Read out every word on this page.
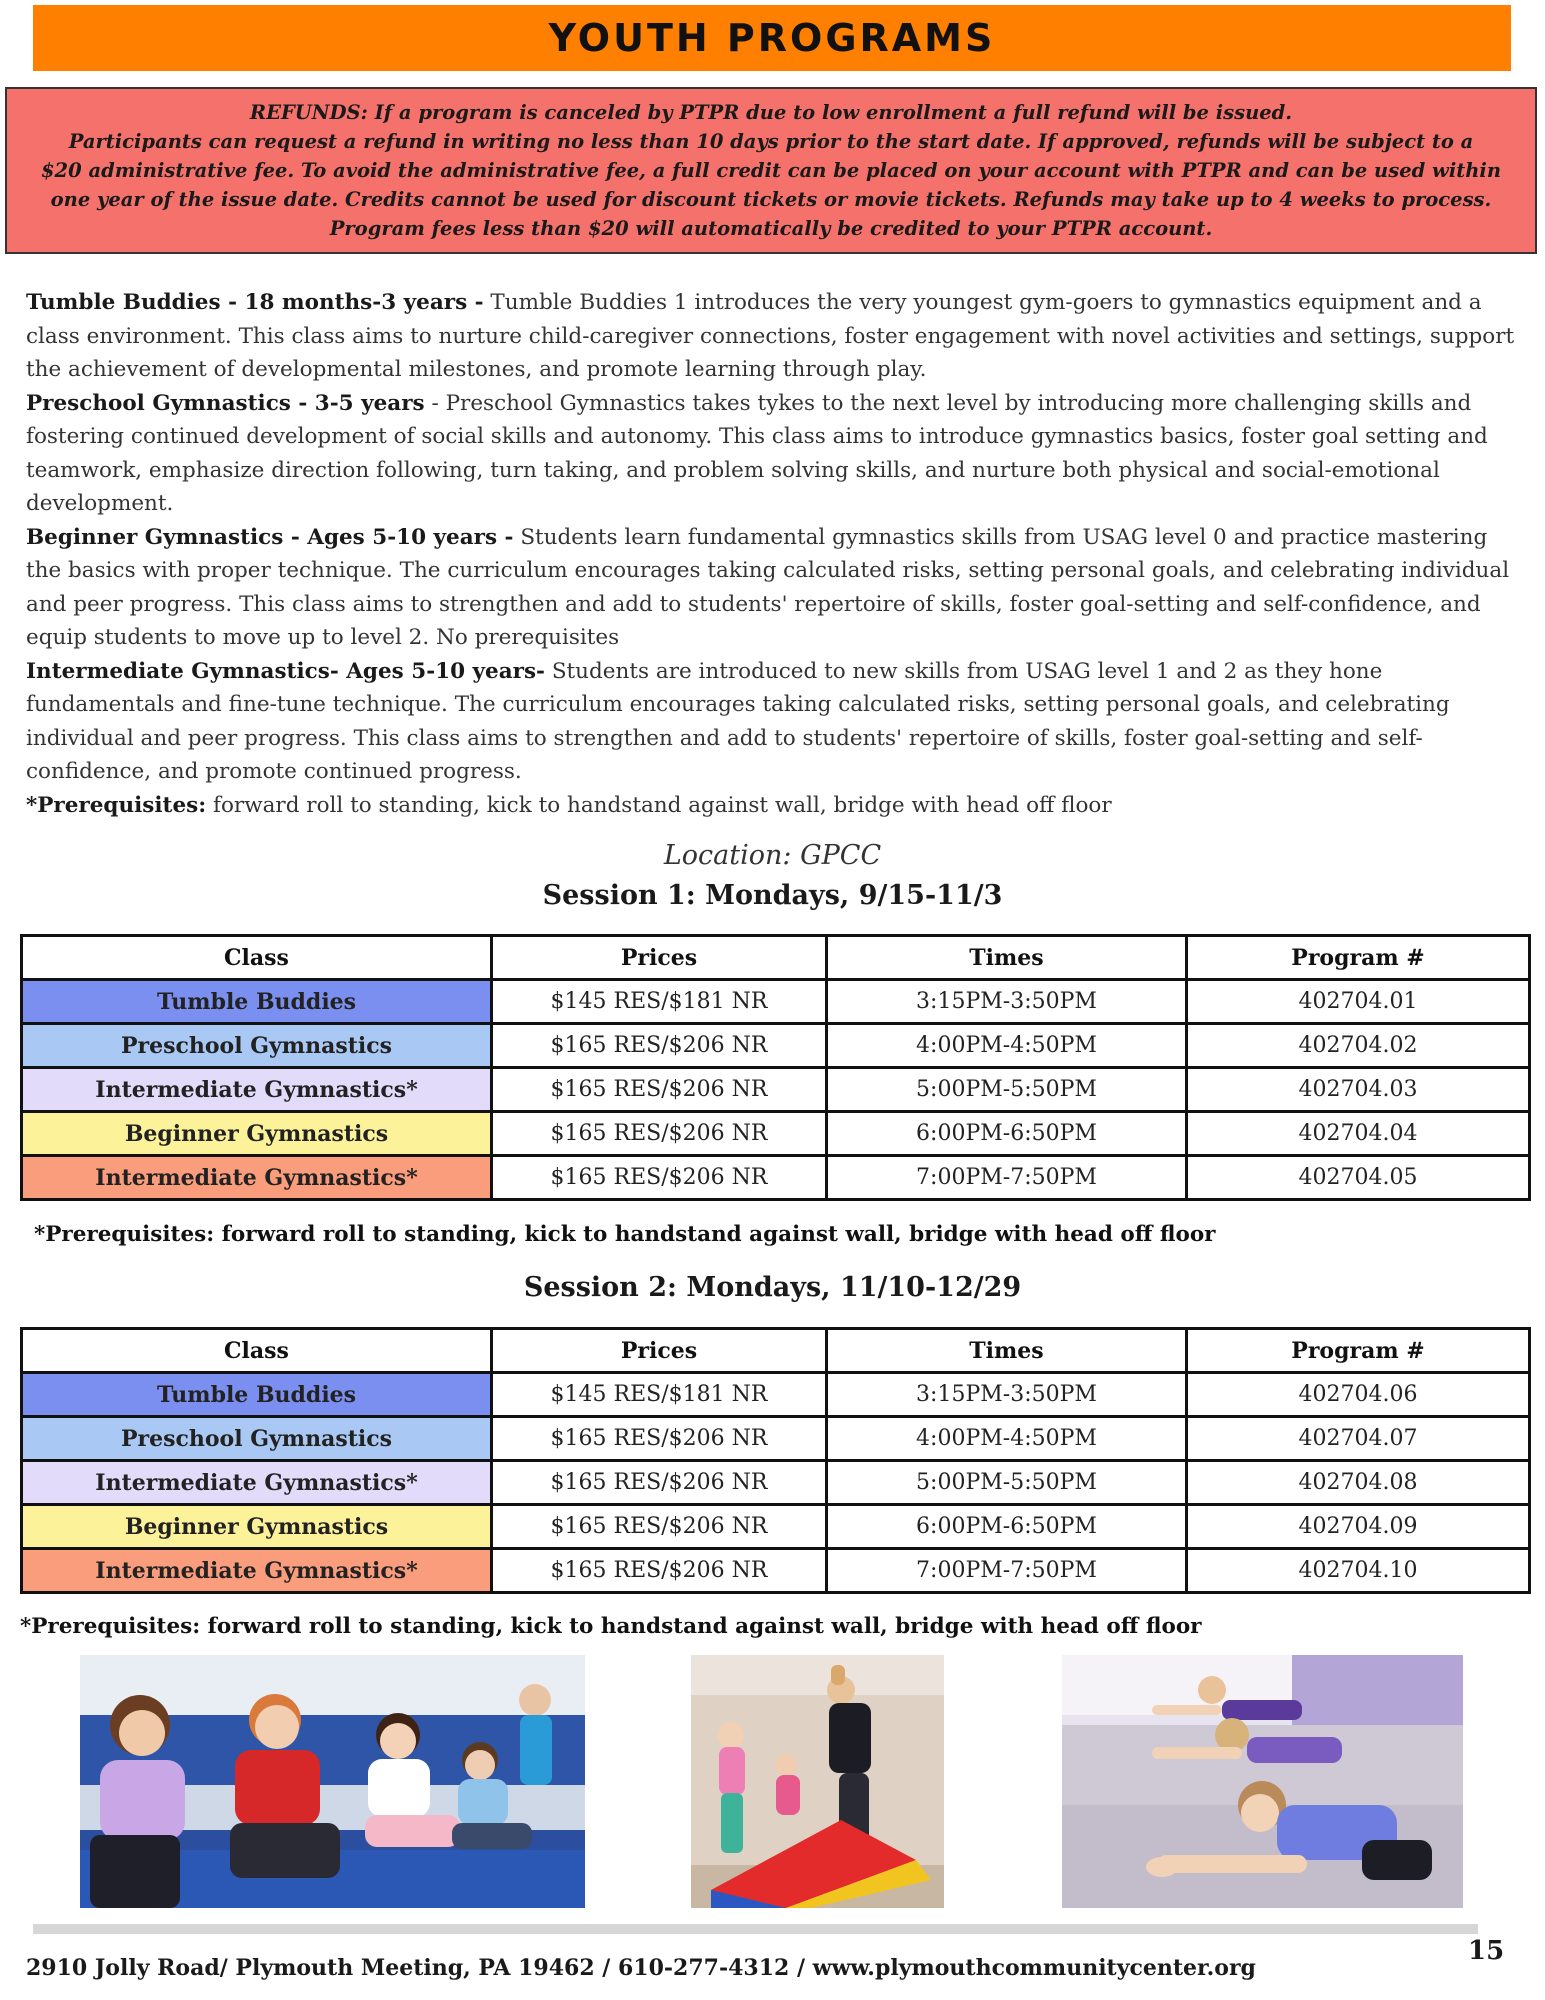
YOUTH PROGRAMS
REFUNDS: If a program is canceled by PTPR due to low enrollment a full refund will be issued.
Participants can request a refund in writing no less than 10 days prior to the start date. If approved, refunds will be subject to a
$20 administrative fee. To avoid the administrative fee, a full credit can be placed on your account with PTPR and can be used within
one year of the issue date. Credits cannot be used for discount tickets or movie tickets. Refunds may take up to 4 weeks to process.
Program fees less than $20 will automatically be credited to your PTPR account.

Tumble Buddies - 18 months-3 years - Tumble Buddies 1 introduces the very youngest gym-goers to gymnastics equipment and a class environment. This class aims to nurture child-caregiver connections, foster engagement with novel activities and settings, support the achievement of developmental milestones, and promote learning through play.

Preschool Gymnastics - 3-5 years - Preschool Gymnastics takes tykes to the next level by introducing more challenging skills and fostering continued development of social skills and autonomy. This class aims to introduce gymnastics basics, foster goal setting and teamwork, emphasize direction following, turn taking, and problem solving skills, and nurture both physical and social-emotional development.

Beginner Gymnastics - Ages 5-10 years - Students learn fundamental gymnastics skills from USAG level 0 and practice mastering the basics with proper technique. The curriculum encourages taking calculated risks, setting personal goals, and celebrating individual and peer progress. This class aims to strengthen and add to students' repertoire of skills, foster goal-setting and self-confidence, and equip students to move up to level 2. No prerequisites

Intermediate Gymnastics- Ages 5-10 years- Students are introduced to new skills from USAG level 1 and 2 as they hone fundamentals and fine-tune technique. The curriculum encourages taking calculated risks, setting personal goals, and celebrating individual and peer progress. This class aims to strengthen and add to students' repertoire of skills, foster goal-setting and self-confidence, and promote continued progress.

*Prerequisites: forward roll to standing, kick to handstand against wall, bridge with head off floor

Location: GPCC
Session 1: Mondays, 9/15-11/3
Class	Prices	Times	Program #
Tumble Buddies	$145 RES/$181 NR	3:15PM-3:50PM	402704.01
Preschool Gymnastics	$165 RES/$206 NR	4:00PM-4:50PM	402704.02
Intermediate Gymnastics*	$165 RES/$206 NR	5:00PM-5:50PM	402704.03
Beginner Gymnastics	$165 RES/$206 NR	6:00PM-6:50PM	402704.04
Intermediate Gymnastics*	$165 RES/$206 NR	7:00PM-7:50PM	402704.05
*Prerequisites: forward roll to standing, kick to handstand against wall, bridge with head off floor
Session 2: Mondays, 11/10-12/29
Class	Prices	Times	Program #
Tumble Buddies	$145 RES/$181 NR	3:15PM-3:50PM	402704.06
Preschool Gymnastics	$165 RES/$206 NR	4:00PM-4:50PM	402704.07
Intermediate Gymnastics*	$165 RES/$206 NR	5:00PM-5:50PM	402704.08
Beginner Gymnastics	$165 RES/$206 NR	6:00PM-6:50PM	402704.09
Intermediate Gymnastics*	$165 RES/$206 NR	7:00PM-7:50PM	402704.10
*Prerequisites: forward roll to standing, kick to handstand against wall, bridge with head off floor
2910 Jolly Road/ Plymouth Meeting, PA 19462 / 610-277-4312 / www.plymouthcommunitycenter.org
15
